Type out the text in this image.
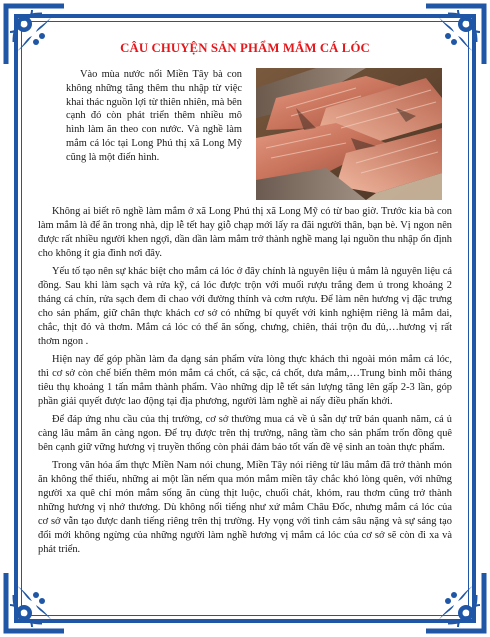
CÂU CHUYỆN SẢN PHẨM MẮM CÁ LÓC
Vào mùa nước nổi Miền Tây bà con không những tăng thêm thu nhập từ việc khai thác nguồn lợi từ thiên nhiên, mà bên cạnh đó còn phát triển thêm nhiều mô hình làm ăn theo con nước. Và nghề làm mắm cá lóc tại Long Phú thị xã Long Mỹ cũng là một điển hình.

Không ai biết rõ nghề làm mắm ở xã Long Phú thị xã Long Mỹ có từ bao giờ. Trước kia bà con làm mắm là để ăn trong nhà, dịp lễ tết hay giỗ chạp mới lấy ra đãi người thân, bạn bè. Vị ngon nên được rất nhiều người khen ngợi, dần dần làm mắm trở thành nghề mang lại nguồn thu nhập ổn định cho không ít gia đình nơi đây.

Yếu tố tạo nên sự khác biệt cho mắm cá lóc ở đây chính là nguyên liệu ủ mắm là nguyên liệu cá đồng. Sau khi làm sạch và rửa kỹ, cá lóc được trộn với muối rượu trắng đem ủ trong khoảng 2 tháng cá chín, rửa sạch đem đi chao với đường thính và cơm rượu. Để làm nên hương vị đặc trưng cho sản phẩm, giữ chân thực khách cơ sở có những bí quyết với kinh nghiệm riêng là mắm dai, chắc, thịt đỏ và thơm. Mắm cá lóc có thể ăn sống, chưng, chiên, thái trộn đu đủ,…hương vị rất thơm ngon .

Hiện nay để góp phần làm đa dạng sản phẩm vừa lòng thực khách thì ngoài món mắm cá lóc, thì cơ sở còn chế biến thêm món mắm cá chốt, cá sặc, cá chốt, dưa mắm,…Trung bình mỗi tháng tiêu thụ khoảng 1 tấn mắm thành phẩm. Vào những dịp lễ tết sản lượng tăng lên gấp 2-3 lần, góp phần giải quyết được lao động tại địa phương, người làm nghề ai nấy điều phấn khởi.

Để đáp ứng nhu cầu của thị trường, cơ sở thường mua cá về ủ sẵn dự trữ bán quanh năm, cá ủ càng lâu mắm ăn càng ngon. Để trụ được trên thị trường, nâng tầm cho sản phẩm trốn đồng quê bên cạnh giữ vững hương vị truyền thống còn phải đảm bảo tốt vấn đề vệ sinh an toàn thực phẩm.

Trong văn hóa ẩm thực Miền Nam nói chung, Miền Tây nói riêng từ lâu mắm đã trở thành món ăn không thể thiếu, những ai một lần nếm qua món mắm miền tây chắc khó lòng quên, với những người xa quê chỉ món mắm sống ăn cùng thịt luộc, chuối chát, khóm, rau thơm cũng trở thành những hương vị nhớ thương. Dù không nổi tiếng như xứ mắm Châu Đốc, nhưng mắm cá lóc của cơ sở vẫn tạo được danh tiếng riêng trên thị trường. Hy vọng với tình cảm sâu nặng và sự sáng tạo đổi mới không ngừng của những người làm nghề hương vị mắm cá lóc của cơ sở sẽ còn đi xa và phát triển.
